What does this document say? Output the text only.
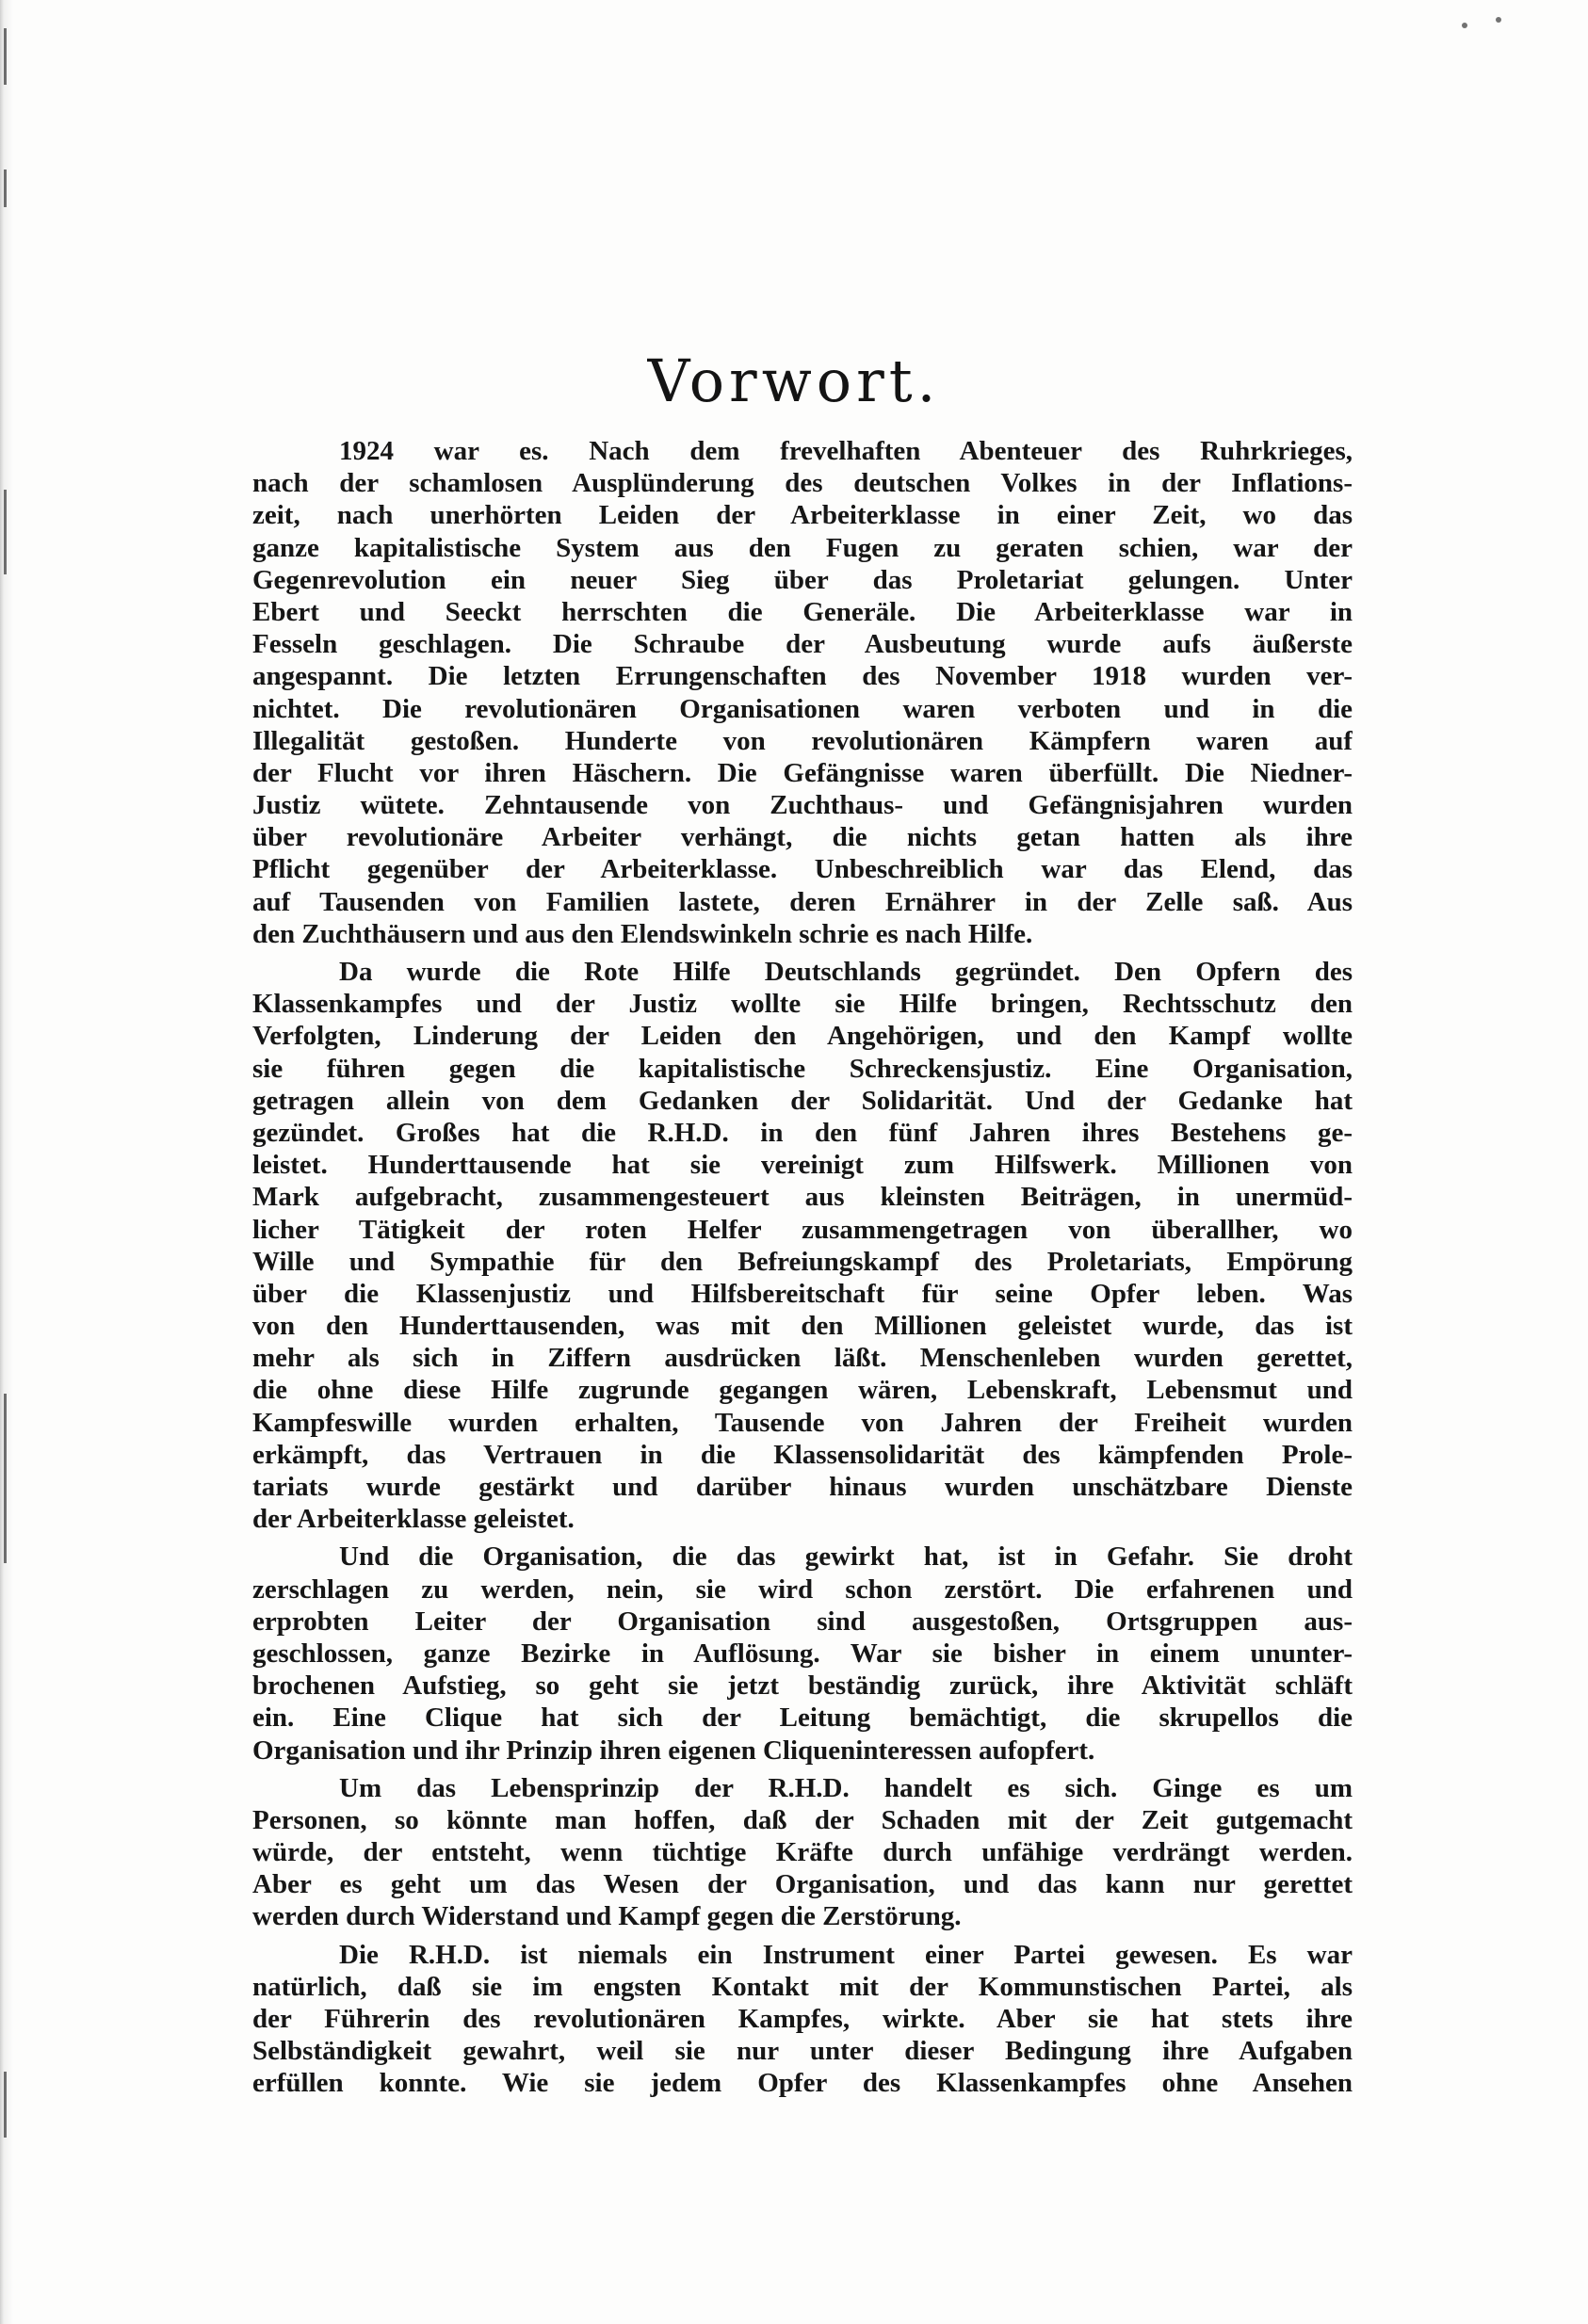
Vorwort.
1924 war es. Nach dem frevelhaften Abenteuer des Ruhrkrieges,
nach der schamlosen Ausplünderung des deutschen Volkes in der Inflations-
zeit, nach unerhörten Leiden der Arbeiterklasse in einer Zeit, wo das
ganze kapitalistische System aus den Fugen zu geraten schien, war der
Gegenrevolution ein neuer Sieg über das Proletariat gelungen. Unter
Ebert und Seeckt herrschten die Generäle. Die Arbeiterklasse war in
Fesseln geschlagen. Die Schraube der Ausbeutung wurde aufs äußerste
angespannt. Die letzten Errungenschaften des November 1918 wurden ver-
nichtet. Die revolutionären Organisationen waren verboten und in die
Illegalität gestoßen. Hunderte von revolutionären Kämpfern waren auf
der Flucht vor ihren Häschern. Die Gefängnisse waren überfüllt. Die Niedner-
Justiz wütete. Zehntausende von Zuchthaus- und Gefängnisjahren wurden
über revolutionäre Arbeiter verhängt, die nichts getan hatten als ihre
Pflicht gegenüber der Arbeiterklasse. Unbeschreiblich war das Elend, das
auf Tausenden von Familien lastete, deren Ernährer in der Zelle saß. Aus
den Zuchthäusern und aus den Elendswinkeln schrie es nach Hilfe.
Da wurde die Rote Hilfe Deutschlands gegründet. Den Opfern des
Klassenkampfes und der Justiz wollte sie Hilfe bringen, Rechtsschutz den
Verfolgten, Linderung der Leiden den Angehörigen, und den Kampf wollte
sie führen gegen die kapitalistische Schreckensjustiz. Eine Organisation,
getragen allein von dem Gedanken der Solidarität. Und der Gedanke hat
gezündet. Großes hat die R.H.D. in den fünf Jahren ihres Bestehens ge-
leistet. Hunderttausende hat sie vereinigt zum Hilfswerk. Millionen von
Mark aufgebracht, zusammengesteuert aus kleinsten Beiträgen, in unermüd-
licher Tätigkeit der roten Helfer zusammengetragen von überallher, wo
Wille und Sympathie für den Befreiungskampf des Proletariats, Empörung
über die Klassenjustiz und Hilfsbereitschaft für seine Opfer leben. Was
von den Hunderttausenden, was mit den Millionen geleistet wurde, das ist
mehr als sich in Ziffern ausdrücken läßt. Menschenleben wurden gerettet,
die ohne diese Hilfe zugrunde gegangen wären, Lebenskraft, Lebensmut und
Kampfeswille wurden erhalten, Tausende von Jahren der Freiheit wurden
erkämpft, das Vertrauen in die Klassensolidarität des kämpfenden Prole-
tariats wurde gestärkt und darüber hinaus wurden unschätzbare Dienste
der Arbeiterklasse geleistet.
Und die Organisation, die das gewirkt hat, ist in Gefahr. Sie droht
zerschlagen zu werden, nein, sie wird schon zerstört. Die erfahrenen und
erprobten Leiter der Organisation sind ausgestoßen, Ortsgruppen aus-
geschlossen, ganze Bezirke in Auflösung. War sie bisher in einem ununter-
brochenen Aufstieg, so geht sie jetzt beständig zurück, ihre Aktivität schläft
ein. Eine Clique hat sich der Leitung bemächtigt, die skrupellos die
Organisation und ihr Prinzip ihren eigenen Cliqueninteressen aufopfert.
Um das Lebensprinzip der R.H.D. handelt es sich. Ginge es um
Personen, so könnte man hoffen, daß der Schaden mit der Zeit gutgemacht
würde, der entsteht, wenn tüchtige Kräfte durch unfähige verdrängt werden.
Aber es geht um das Wesen der Organisation, und das kann nur gerettet
werden durch Widerstand und Kampf gegen die Zerstörung.
Die R.H.D. ist niemals ein Instrument einer Partei gewesen. Es war
natürlich, daß sie im engsten Kontakt mit der Kommunstischen Partei, als
der Führerin des revolutionären Kampfes, wirkte. Aber sie hat stets ihre
Selbständigkeit gewahrt, weil sie nur unter dieser Bedingung ihre Aufgaben
erfüllen konnte. Wie sie jedem Opfer des Klassenkampfes ohne Ansehen
